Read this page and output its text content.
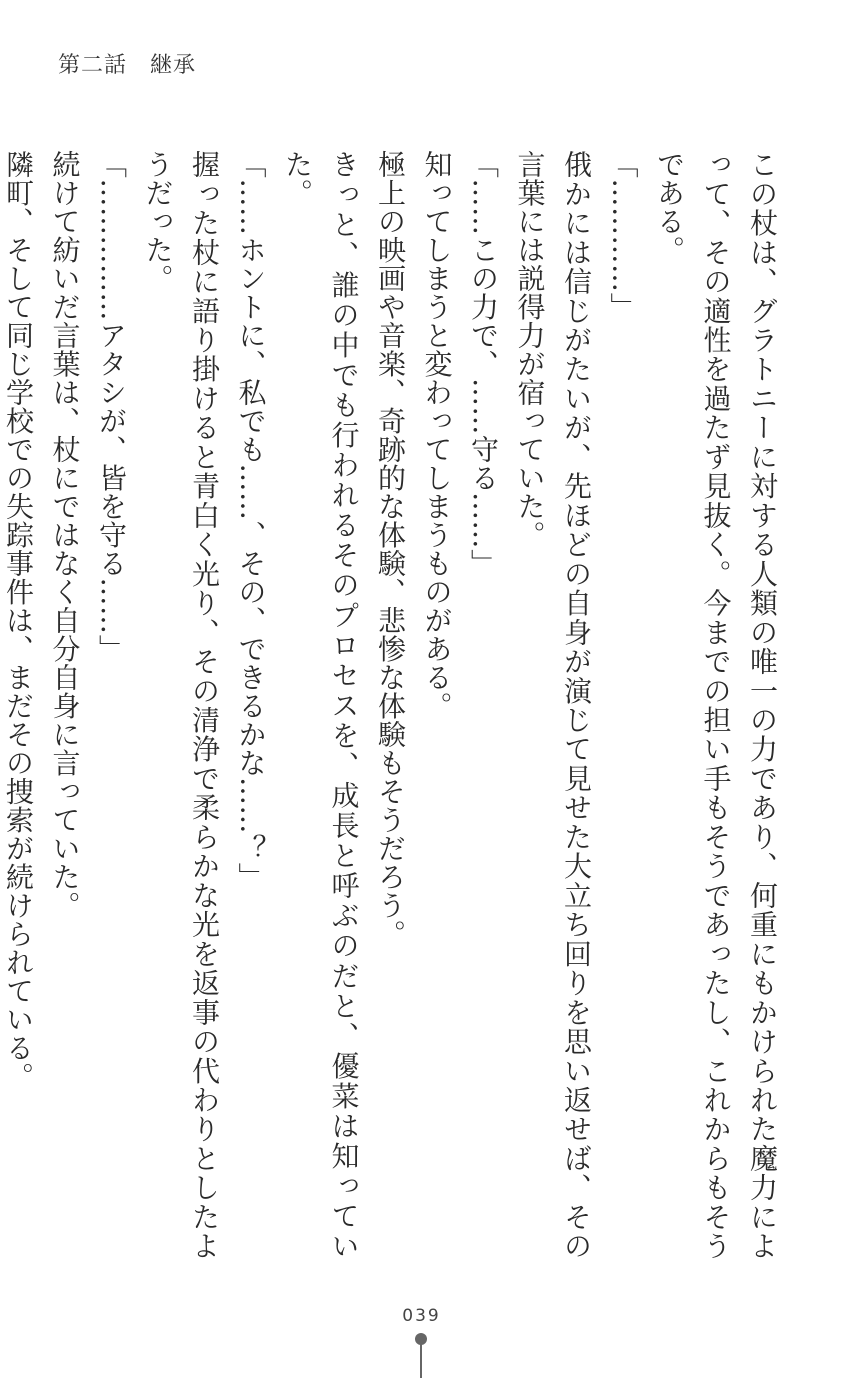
第二話　継承

この杖は、グラトニーに対する人類の唯一の力であり、何重にもかけられた魔力によって、その適性を過たず見抜く。今までの担い手もそうであったし、これからもそうである。

「…………」

俄かには信じがたいが、先ほどの自身が演じて見せた大立ち回りを思い返せば、その言葉には説得力が宿っていた。

「……この力で、……守る……」

知ってしまうと変わってしまうものがある。

極上の映画や音楽、奇跡的な体験、悲惨な体験もそうだろう。

きっと、誰の中でも行われるそのプロセスを、成長と呼ぶのだと、優菜は知っていた。

「……ホントに、私でも……、その、できるかな……？」

握った杖に語り掛けると青白く光り、その清浄で柔らかな光を返事の代わりとしたようだった。

「……………アタシが、皆を守る……」

続けて紡いだ言葉は、杖にではなく自分自身に言っていた。

隣町、そして同じ学校での失踪事件は、まだその捜索が続けられている。

039
